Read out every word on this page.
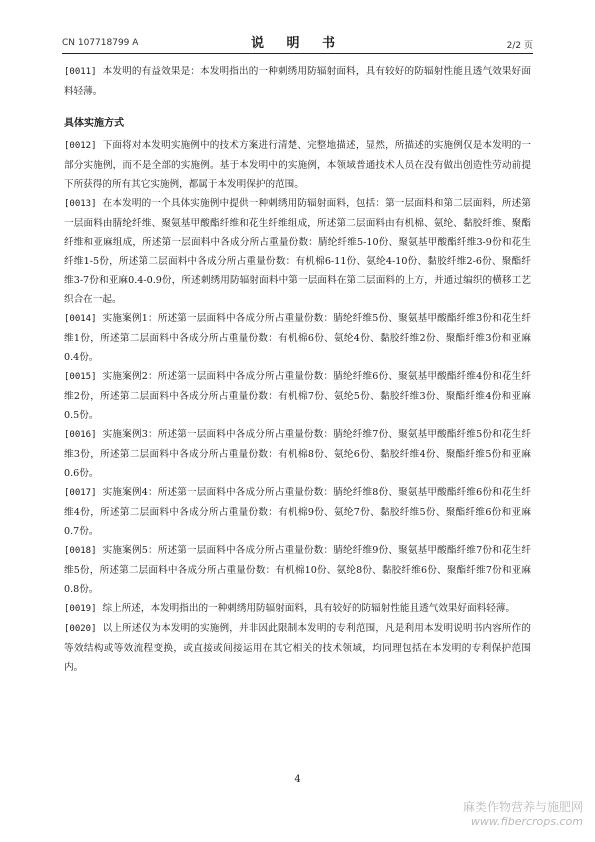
CN 107718799 A	说 明 书	2/2 页

[0011] 本发明的有益效果是：本发明指出的一种刺绣用防辐射面料，具有较好的防辐射性能且透气效果好面料轻薄。

具体实施方式

[0012] 下面将对本发明实施例中的技术方案进行清楚、完整地描述，显然，所描述的实施例仅是本发明的一部分实施例，而不是全部的实施例。基于本发明中的实施例，本领域普通技术人员在没有做出创造性劳动前提下所获得的所有其它实施例，都属于本发明保护的范围。

[0013] 在本发明的一个具体实施例中提供一种刺绣用防辐射面料，包括：第一层面料和第二层面料，所述第一层面料由腈纶纤维、聚氨基甲酸酯纤维和花生纤维组成，所述第二层面料由有机棉、氨纶、黏胶纤维、聚酯纤维和亚麻组成，所述第一层面料中各成分所占重量份数：腈纶纤维5-10份、聚氨基甲酸酯纤维3-9份和花生纤维1-5份，所述第二层面料中各成分所占重量份数：有机棉6-11份、氨纶4-10份、黏胶纤维2-6份、聚酯纤维3-7份和亚麻0.4-0.9份，所述刺绣用防辐射面料中第一层面料在第二层面料的上方，并通过编织的横移工艺织合在一起。

[0014] 实施案例1：所述第一层面料中各成分所占重量份数：腈纶纤维5份、聚氨基甲酸酯纤维3份和花生纤维1份，所述第二层面料中各成分所占重量份数：有机棉6份、氨纶4份、黏胶纤维2份、聚酯纤维3份和亚麻0.4份。

[0015] 实施案例2：所述第一层面料中各成分所占重量份数：腈纶纤维6份、聚氨基甲酸酯纤维4份和花生纤维2份，所述第二层面料中各成分所占重量份数：有机棉7份、氨纶5份、黏胶纤维3份、聚酯纤维4份和亚麻0.5份。

[0016] 实施案例3：所述第一层面料中各成分所占重量份数：腈纶纤维7份、聚氨基甲酸酯纤维5份和花生纤维3份，所述第二层面料中各成分所占重量份数：有机棉8份、氨纶6份、黏胶纤维4份、聚酯纤维5份和亚麻0.6份。

[0017] 实施案例4：所述第一层面料中各成分所占重量份数：腈纶纤维8份、聚氨基甲酸酯纤维6份和花生纤维4份，所述第二层面料中各成分所占重量份数：有机棉9份、氨纶7份、黏胶纤维5份、聚酯纤维6份和亚麻0.7份。

[0018] 实施案例5：所述第一层面料中各成分所占重量份数：腈纶纤维9份、聚氨基甲酸酯纤维7份和花生纤维5份，所述第二层面料中各成分所占重量份数：有机棉10份、氨纶8份、黏胶纤维6份、聚酯纤维7份和亚麻0.8份。

[0019] 综上所述，本发明指出的一种刺绣用防辐射面料，具有较好的防辐射性能且透气效果好面料轻薄。

[0020] 以上所述仅为本发明的实施例，并非因此限制本发明的专利范围，凡是利用本发明说明书内容所作的等效结构或等效流程变换，或直接或间接运用在其它相关的技术领域，均同理包括在本发明的专利保护范围内。

4
麻类作物营养与施肥网
www.fibercrops.com
